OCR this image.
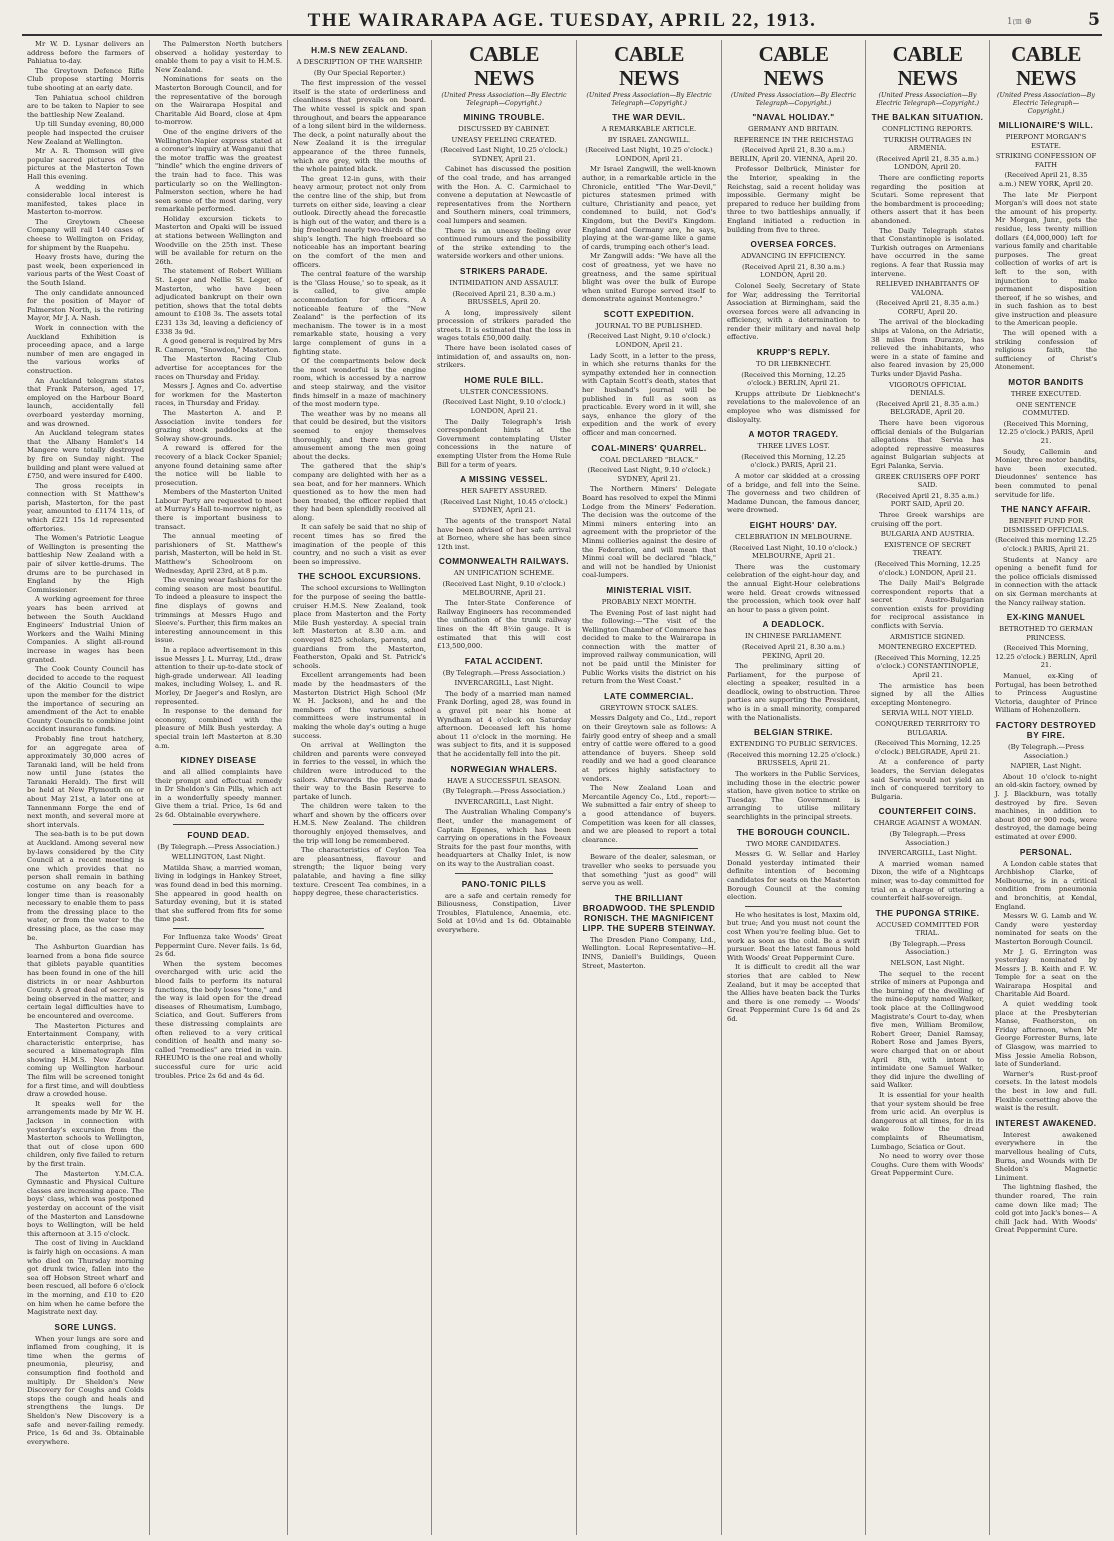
THE WAIRARAPA AGE. TUESDAY, APRIL 22, 1913.	1㎝ ⊕	5

Mr W. D. Lysnar delivers an address before the farmers of Pahiatua to-day.

The Greytown Defence Rifle Club propose starting Morris tube shooting at an early date.

Ten Pahiatua school children are to be taken to Napier to see the battleship New Zealand.

Up till Sunday evening, 80,000 people had inspected the cruiser New Zealand at Wellington.

Mr A. R. Thomson will give popular sacred pictures of the pictures at the Masterton Town Hall this evening.

A wedding in which considerable local interest is manifested, takes place in Masterton to-morrow.

The Greytown Cheese Company will rail 140 cases of cheese to Wellington on Friday, for shipment by the Ruapehu.

Heavy frosts have, during the past week, been experienced in various parts of the West Coast of the South Island.

The only candidate announced for the position of Mayor of Palmerston North, is the retiring Mayor, Mr J. A. Nash.

Work in connection with the Auckland Exhibition is proceeding apace, and a large number of men are engaged in the various works of construction.

An Auckland telegram states that Frank Paterson, aged 17, employed on the Harbour Board launch, accidentally fell overboard yesterday morning, and was drowned.

An Auckland telegram states that the Albany Hamlet's 14 Mangere were totally destroyed by fire on Sunday night. The building and plant were valued at £750, and were insured for £400.

The gross receipts in connection with St Matthew's parish, Masterton, for the past year, amounted to £1174 11s, of which £221 15s 1d represented offertories.

The Women's Patriotic League of Wellington is presenting the battleship New Zealand with a pair of silver kettle-drums. The drums are to be purchased in England by the High Commissioner.

A working agreement for three years has been arrived at between the South Auckland Engineers' Industrial Union of Workers and the Waihi Mining Companies. A slight all-round increase in wages has been granted.

The Cook County Council has decided to accede to the request of the Akitio Council to wipe upon the member for the district the importance of securing an amendment of the Act to enable County Councils to combine joint accident insurance funds.

Probably fine trout hatchery, for an aggregate area of approximately 30,000 acres of Taranaki land, will be held from now until June (states the Taranaki Herald). The first will be held at New Plymouth on or about May 21st, a later one at Tannenmann Forge the end of next month, and several more at short intervals.

The sea-bath is to be put down at Auckland. Among several new by-laws considered by the City Council at a recent meeting is one which provides that no person shall remain in bathing costume on any beach for a longer time than is reasonably necessary to enable them to pass from the dressing place to the water, or from the water to the dressing place, as the case may be.

The Ashburton Guardian has learned from a bona fide source that giblets payable quantities has been found in one of the hill districts in or near Ashburton County. A great deal of secrecy is being observed in the matter, and certain legal difficulties have to be encountered and overcome.

The Masterton Pictures and Entertainment Company, with characteristic enterprise, has secured a kinematograph film showing H.M.S. New Zealand coming up Wellington harbour. The film will be screened tonight for a first time, and will doubtless draw a crowded house.

It speaks well for the arrangements made by Mr W. H. Jackson in connection with yesterday's excursion from the Masterton schools to Wellington, that out of close upon 600 children, only five failed to return by the first train.

The Masterton Y.M.C.A. Gymnastic and Physical Culture classes are increasing apace. The boys' class, which was postponed yesterday on account of the visit of the Masterton and Lansdowne boys to Wellington, will be held this afternoon at 3.15 o'clock.

The cost of living in Auckland is fairly high on occasions. A man who died on Thursday morning got drunk twice, fallen into the sea off Hobson Street wharf and been rescued, all before 6 o'clock in the morning, and £10 to £20 on him when he came before the Magistrate next day.

SORE LUNGS.

When your lungs are sore and inflamed from coughing, it is time when the germs of pneumonia, pleurisy, and consumption find foothold and multiply. Dr Sheldon's New Discovery for Coughs and Colds stops the cough and heals and strengthens the lungs. Dr Sheldon's New Discovery is a safe and never-failing remedy. Price, 1s 6d and 3s. Obtainable everywhere.

The Palmerston North butchers observed a holiday yesterday to enable them to pay a visit to H.M.S. New Zealand.

Nominations for seats on the Masterton Borough Council, and for the representative of the borough on the Wairarapa Hospital and Charitable Aid Board, close at 4pm to-morrow.

One of the engine drivers of the Wellington-Napier express stated at a coroner's inquiry at Wanganui that the motor traffic was the greatest "hindle" which the engine drivers of the train had to face. This was particularly so on the Wellington-Palmerston section, where he had seen some of the most daring, very remarkable performed.

Holiday excursion tickets to Masterton and Opaki will be issued at stations between Wellington and Woodville on the 25th inst. These will be available for return on the 26th.

The statement of Robert William St. Leger and Nellie St. Leger, of Masterton, who have been adjudicated bankrupt on their own petition, shows that the total debts amount to £108 3s. The assets total £231 13s 3d, leaving a deficiency of £338 3s 9d.

A good general is required by Mrs R. Cameron, "Snowdon," Masterton.

The Masterton Racing Club advertise for acceptances for the races on Thursday and Friday.

Messrs J. Agnes and Co. advertise for workmen for the Masterton races, in Thursday and Friday.

The Masterton A. and P. Association invite tenders for grazing stock paddocks at the Solway show-grounds.

A reward is offered for the recovery of a black Cocker Spaniel; anyone found detaining same after the notice will be liable to prosecution.

Members of the Masterton United Labour Party are requested to meet at Murray's Hall to-morrow night, as there is important business to transact.

The annual meeting of parishioners of St. Matthew's parish, Masterton, will be held in St. Matthew's Schoolroom on Wednesday, April 23rd, at 8 p.m.

The evening wear fashions for the coming season are most beautiful. To indeed a pleasure to inspect the fine displays of gowns and trimmings at Messrs Hugo and Sleeve's. Further, this firm makes an interesting announcement in this issue.

In a replace advertisement in this issue Messrs J. L. Murray, Ltd., draw attention to their up-to-date stock of high-grade underwear. All leading makes, including Wolsey, L. and R. Morley, Dr Jaeger's and Roslyn, are represented.

In response to the demand for economy, combined with the pleasure of Milk Bush yesterday. A special train left Masterton at 8.30 a.m.

KIDNEY DISEASE

and all allied complaints have their prompt and effectual remedy in Dr Sheldon's Gin Pills, which act in a wonderfully speedy manner. Give them a trial. Price, 1s 6d and 2s 6d. Obtainable everywhere.

FOUND DEAD.
(By Telegraph.—Press Association.)
WELLINGTON, Last Night.

Matilda Shaw, a married woman, living in lodgings in Hankey Street, was found dead in bed this morning. She appeared in good health on Saturday evening, but it is stated that she suffered from fits for some time past.

For Influenza take Woods' Great Peppermint Cure. Never fails. 1s 6d, 2s 6d.

When the system becomes overcharged with uric acid the blood fails to perform its natural functions, the body loses "tone," and the way is laid open for the dread diseases of Rheumatism, Lumbago, Sciatica, and Gout. Sufferers from these distressing complaints are often relieved to a very critical condition of health and many so-called "remedies" are tried in vain. RHEUMO is the one real and wholly successful cure for uric acid troubles. Price 2s 6d and 4s 6d.

H.M.S NEW ZEALAND.
A DESCRIPTION OF THE WARSHIP.
(By Our Special Reporter.)

The first impression of the vessel itself is the state of orderliness and cleanliness that prevails on board. The white vessel is spick and span throughout, and bears the appearance of a long silent bird in the wilderness. The deck, a point naturally about the New Zealand it is the irregular appearance of the three funnels, which are grey, with the mouths of the whole painted black.

The great 12-in guns, with their heavy armour, protect not only from the centre line of the ship, but from turrets on either side, leaving a clear outlook. Directly ahead the forecastle is high out of the water, and there is a big freeboard nearly two-thirds of the ship's length. The high freeboard so noticeable has an important bearing on the comfort of the men and officers.

The central feature of the warship is the 'Glass House,' so to speak, as it is called, to give ample accommodation for officers. A noticeable feature of the "New Zealand" is the perfection of its mechanism. The tower is in a most remarkable state, housing a very large complement of guns in a fighting state.

Of the compartments below deck the most wonderful is the engine room, which is accessed by a narrow and steep stairway, and the visitor finds himself in a maze of machinery of the most modern type.

The weather was by no means all that could be desired, but the visitors seemed to enjoy themselves thoroughly, and there was great amusement among the men going about the decks.

The gathered that the ship's company are delighted with her as a sea boat, and for her manners. Which questioned as to how the men had been treated, the officer replied that they had been splendidly received all along.

It can safely be said that no ship of recent times has so fired the imagination of the people of this country, and no such a visit as ever been so impressive.

THE SCHOOL EXCURSIONS.

The school excursions to Wellington for the purpose of seeing the battle-cruiser H.M.S. New Zealand, took place from Masterton and the Forty Mile Bush yesterday. A special train left Masterton at 8.30 a.m. and conveyed 825 scholars, parents, and guardians from the Masterton, Featherston, Opaki and St. Patrick's schools.

Excellent arrangements had been made by the headmasters of the Masterton District High School (Mr W. H. Jackson), and he and the members of the various school committees were instrumental in making the whole day's outing a huge success.

On arrival at Wellington the children and parents were conveyed in ferries to the vessel, in which the children were introduced to the sailors. Afterwards the party made their way to the Basin Reserve to partake of lunch.

The children were taken to the wharf and shown by the officers over H.M.S. New Zealand. The children thoroughly enjoyed themselves, and the trip will long be remembered.

The characteristics of Ceylon Tea are pleasantness, flavour and strength; the liquor being very palatable, and having a fine silky texture. Crescent Tea combines, in a happy degree, these characteristics.

CABLE NEWS
(United Press Association—By Electric Telegraph—Copyright.)
MINING TROUBLE.
DISCUSSED BY CABINET.
UNEASY FEELING CREATED.
(Received Last Night, 10.25 o'clock.) SYDNEY, April 21.

Cabinet has discussed the position of the coal trade, and has arranged with the Hon. A. C. Carmichael to convene a deputation at Newcastle of representatives from the Northern and Southern miners, coal trimmers, coal lumpers and seamen.

There is an uneasy feeling over continued rumours and the possibility of the strike extending to the waterside workers and other unions.

STRIKERS PARADE.
INTIMIDATION AND ASSAULT.
(Received April 21, 8.30 a.m.) BRUSSELS, April 20.

A long, impressively silent procession of strikers paraded the streets. It is estimated that the loss in wages totals £50,000 daily.

There have been isolated cases of intimidation of, and assaults on, non-strikers.

HOME RULE BILL.
ULSTER CONCESSIONS.
(Received Last Night, 9.10 o'clock.) LONDON, April 21.

The Daily Telegraph's Irish correspondent hints at the Government contemplating Ulster concessions in the nature of exempting Ulster from the Home Rule Bill for a term of years.

A MISSING VESSEL.
HER SAFETY ASSURED.
(Received Last Night, 10.45 o'clock.) SYDNEY, April 21.

The agents of the transport Natal have been advised of her safe arrival at Borneo, where she has been since 12th inst.

COMMONWEALTH RAILWAYS.
AN UNIFICATION SCHEME.
(Received Last Night, 9.10 o'clock.) MELBOURNE, April 21.

The Inter-State Conference of Railway Engineers has recommended the unification of the trunk railway lines on the 4ft 8½in gauge. It is estimated that this will cost £13,500,000.

FATAL ACCIDENT.
(By Telegraph.—Press Association.)
INVERCARGILL, Last Night.

The body of a married man named Frank Dorling, aged 28, was found in a gravel pit near his home at Wyndham at 4 o'clock on Saturday afternoon. Deceased left his home about 11 o'clock in the morning. He was subject to fits, and it is supposed that he accidentally fell into the pit.

NORWEGIAN WHALERS.
HAVE A SUCCESSFUL SEASON.
(By Telegraph.—Press Association.)
INVERCARGILL, Last Night.

The Australian Whaling Company's fleet, under the management of Captain Egenes, which has been carrying on operations in the Foveaux Straits for the past four months, with headquarters at Chalky Inlet, is now on its way to the Australian coast.

PANO-TONIC PILLS

are a safe and certain remedy for Biliousness, Constipation, Liver Troubles, Flatulence, Anaemia, etc. Sold at 10½d and 1s 6d. Obtainable everywhere.

CABLE NEWS
(United Press Association—By Electric Telegraph—Copyright.)
THE WAR DEVIL.
A REMARKABLE ARTICLE.
BY ISRAEL ZANGWILL.
(Received Last Night, 10.25 o'clock.) LONDON, April 21.

Mr Israel Zangwill, the well-known author, in a remarkable article in the Chronicle, entitled "The War-Devil," pictures statesmen primed with culture, Christianity and peace, yet condemned to build, not God's Kingdom, but the Devil's Kingdom. England and Germany are, he says, playing at the war-game like a game of cards, trumping each other's lead.

Mr Zangwill adds: "We have all the cost of greatness, yet we have no greatness, and the same spiritual blight was over the bulk of Europe when united Europe served itself to demonstrate against Montenegro."

SCOTT EXPEDITION.
JOURNAL TO BE PUBLISHED.
(Received Last Night, 9.10 o'clock.) LONDON, April 21.

Lady Scott, in a letter to the press, in which she returns thanks for the sympathy extended her in connection with Captain Scott's death, states that her husband's journal will be published in full as soon as practicable. Every word in it will, she says, enhance the glory of the expedition and the work of every officer and man concerned.

COAL-MINERS' QUARREL.
COAL DECLARED "BLACK."
(Received Last Night, 9.10 o'clock.) SYDNEY, April 21.

The Northern Miners' Delegate Board has resolved to expel the Minmi Lodge from the Miners' Federation. The decision was the outcome of the Minmi miners entering into an agreement with the proprietor of the Minmi collieries against the desire of the Federation, and will mean that Minmi coal will be declared "black," and will not be handled by Unionist coal-lumpers.

MINISTERIAL VISIT.
PROBABLY NEXT MONTH.

The Evening Post of last night had the following:—"The visit of the Wellington Chamber of Commerce has decided to make to the Wairarapa in connection with the matter of improved railway communication, will not be paid until the Minister for Public Works visits the district on his return from the West Coast."

LATE COMMERCIAL.
GREYTOWN STOCK SALES.

Messrs Dalgety and Co., Ltd., report on their Greytown sale as follows: A fairly good entry of sheep and a small entry of cattle were offered to a good attendance of buyers. Sheep sold readily and we had a good clearance at prices highly satisfactory to vendors.

The New Zealand Loan and Mercantile Agency Co., Ltd., report:—We submitted a fair entry of sheep to a good attendance of buyers. Competition was keen for all classes, and we are pleased to report a total clearance.

Beware of the dealer, salesman, or traveller who seeks to persuade you that something "just as good" will serve you as well.

THE BRILLIANT BROADWOOD. THE SPLENDID RONISCH. THE MAGNIFICENT LIPP. THE SUPERB STEINWAY.

The Dresden Piano Company, Ltd., Wellington. Local Representative—H. INNS, Daniell's Buildings, Queen Street, Masterton.

CABLE NEWS
(United Press Association—By Electric Telegraph—Copyright.)
"NAVAL HOLIDAY."
GERMANY AND BRITAIN.
REFERENCE IN THE REICHSTAG
(Received April 21, 8.30 a.m.) BERLIN, April 20. VIENNA, April 20.

Professor Delbrück, Minister for the Interior, speaking in the Reichstag, said a recent holiday was impossible. Germany might be prepared to reduce her building from three to two battleships annually, if England initiated a reduction in building from five to three.

OVERSEA FORCES.
ADVANCING IN EFFICIENCY.
(Received April 21, 8.30 a.m.) LONDON, April 20.

Colonel Seely, Secretary of State for War, addressing the Territorial Association at Birmingham, said the oversea forces were all advancing in efficiency, with a determination to render their military and naval help effective.

KRUPP'S REPLY.
TO DR LIEBKNECHT.
(Received this Morning, 12.25 o'clock.) BERLIN, April 21.

Krupps attribute Dr Liebknecht's revelations to the malevolence of an employee who was dismissed for disloyalty.

A MOTOR TRAGEDY.
THREE LIVES LOST.
(Received this Morning, 12.25 o'clock.) PARIS, April 21.

A motor car skidded at a crossing of a bridge, and fell into the Seine. The governess and two children of Madame Duncan, the famous dancer, were drowned.

EIGHT HOURS' DAY.
CELEBRATION IN MELBOURNE.
(Received Last Night, 10.10 o'clock.) MELBOURNE, April 21.

There was the customary celebration of the eight-hour day, and the annual Eight-Hour celebrations were held. Great crowds witnessed the procession, which took over half an hour to pass a given point.

A DEADLOCK.
IN CHINESE PARLIAMENT.
(Received April 21, 8.30 a.m.) PEKING, April 20.

The preliminary sitting of Parliament, for the purpose of electing a speaker, resulted in a deadlock, owing to obstruction. Three parties are supporting the President, who is in a small minority, compared with the Nationalists.

BELGIAN STRIKE.
EXTENDING TO PUBLIC SERVICES.
(Received this morning 12.25 o'clock.) BRUSSELS, April 21.

The workers in the Public Services, including those in the electric power station, have given notice to strike on Tuesday. The Government is arranging to utilise military searchlights in the principal streets.

THE BOROUGH COUNCIL.
TWO MORE CANDIDATES.

Messrs G. W. Sellar and Harley Donald yesterday intimated their definite intention of becoming candidates for seats on the Masterton Borough Council at the coming election.

He who hesitates is lost, Maxim old, but true; And you must not count the cost When you're feeling blue. Get to work as soon as the cold. Be a swift pursuer. Beat the latest famous hold With Woods' Great Peppermint Cure.

It is difficult to credit all the war stories that are cabled to New Zealand, but it may be accepted that the Allies have beaten back the Turks and there is one remedy — Woods' Great Peppermint Cure 1s 6d and 2s 6d.

CABLE NEWS
(United Press Association—By Electric Telegraph—Copyright.)
THE BALKAN SITUATION.
CONFLICTING REPORTS.
TURKISH OUTRAGES IN ARMENIA.
(Received April 21, 8.35 a.m.) LONDON, April 20.

There are conflicting reports regarding the position at Scutari. Some represent that the bombardment is proceeding; others assert that it has been abandoned.

The Daily Telegraph states that Constantinople is isolated. Turkish outrages on Armenians have occurred in the same regions. A fear that Russia may intervene.

RELIEVED INHABITANTS OF VALONA.
(Received April 21, 8.35 a.m.) CORFU, April 20.

The arrival of the blockading ships at Valona, on the Adriatic, 38 miles from Durazzo, has relieved the inhabitants, who were in a state of famine and also feared invasion by 25,000 Turks under Djavid Pasha.

VIGOROUS OFFICIAL DENIALS.
(Received April 21, 8.35 a.m.) BELGRADE, April 20.

There have been vigorous official denials of the Bulgarian allegations that Servia has adopted repressive measures against Bulgarian subjects at Egri Palanka, Servia.

GREEK CRUISERS OFF PORT SAID.
(Received April 21, 8.35 a.m.) PORT SAID, April 20.

Three Greek warships are cruising off the port.

BULGARIA AND AUSTRIA.
EXISTENCE OF SECRET TREATY.
(Received This Morning, 12.25 o'clock.) LONDON, April 21.

The Daily Mail's Belgrade correspondent reports that a secret Austro-Bulgarian convention exists for providing for reciprocal assistance in conflicts with Servia.

ARMISTICE SIGNED.
MONTENEGRO EXCEPTED.
(Received This Morning, 12.25 o'clock.) CONSTANTINOPLE, April 21.

The armistice has been signed by all the Allies excepting Montenegro.

SERVIA WILL NOT YIELD.
CONQUERED TERRITORY TO BULGARIA.
(Received This Morning, 12.25 o'clock.) BELGRADE, April 21.

At a conference of party leaders, the Servian delegates said Servia would not yield an inch of conquered territory to Bulgaria.

COUNTERFEIT COINS.
CHARGE AGAINST A WOMAN.
(By Telegraph.—Press Association.)
INVERCARGILL, Last Night.

A married woman named Dixon, the wife of a Nightcaps miner, was to-day committed for trial on a charge of uttering a counterfeit half-sovereign.

THE PUPONGA STRIKE.
ACCUSED COMMITTED FOR TRIAL.
(By Telegraph.—Press Association.)
NELSON, Last Night.

The sequel to the recent strike of miners at Puponga and the burning of the dwelling of the mine-deputy named Walker, took place at the Collingwood Magistrate's Court to-day, when five men, William Bromilow, Robert Greer, Daniel Ramsay, Robert Rose and James Byers, were charged that on or about April 8th, with intent to intimidate one Samuel Walker, they did injure the dwelling of said Walker.

It is essential for your health that your system should be free from uric acid. An overplus is dangerous at all times, for in its wake follow the dread complaints of Rheumatism, Lumbago, Sciatica or Gout.

No need to worry over those Coughs. Cure them with Woods' Great Peppermint Cure.

CABLE NEWS
(United Press Association—By Electric Telegraph—Copyright.)
MILLIONAIRE'S WILL.
PIERPONT MORGAN'S ESTATE.
STRIKING CONFESSION OF FAITH
(Received April 21, 8.35 a.m.) NEW YORK, April 20.

The late Mr Pierpont Morgan's will does not state the amount of his property. Mr Morgan, Junr., gets the residue, less twenty million dollars (£4,000,000) left for various family and charitable purposes. The great collection of works of art is left to the son, with injunction to make permanent disposition thereof, if he so wishes, and in such fashion as to best give instruction and pleasure to the American people.

The will opened with a striking confession of religious faith, the sufficiency of Christ's Atonement.

MOTOR BANDITS
THREE EXECUTED.
ONE SENTENCE COMMUTED.
(Received This Morning, 12.25 o'clock.) PARIS, April 21.

Soudy, Callemin and Monier, three motor bandits, have been executed. Dieudonnes' sentence has been commuted to penal servitude for life.

THE NANCY AFFAIR.
BENEFIT FUND FOR DISMISSED OFFICIALS.
(Received this morning 12.25 o'clock.) PARIS, April 21.

Students at Nancy are opening a benefit fund for the police officials dismissed in connection with the attack on six German merchants at the Nancy railway station.

EX-KING MANUEL
BETROTHED TO GERMAN PRINCESS.
(Received This Morning, 12.25 o'clock.) BERLIN, April 21.

Manuel, ex-King of Portugal, has been betrothed to Princess Augustine Victoria, daughter of Prince William of Hohenzollern.

FACTORY DESTROYED BY FIRE.
(By Telegraph.—Press Association.)
NAPIER, Last Night.

About 10 o'clock to-night an old-skin factory, owned by J. J. Blackburn, was totally destroyed by fire. Seven machines, in addition to about 800 or 900 rods, were destroyed, the damage being estimated at over £900.

PERSONAL.

A London cable states that Archbishop Clarke, of Melbourne, is in a critical condition from pneumonia and bronchitis, at Kendal, England.

Messrs W. G. Lamb and W. Candy were yesterday nominated for seats on the Masterton Borough Council.

Mr J. G. Errington was yesterday nominated by Messrs J. B. Keith and F. W. Temple for a seat on the Wairarapa Hospital and Charitable Aid Board.

A quiet wedding took place at the Presbyterian Manse, Featherston, on Friday afternoon, when Mr George Forrester Burns, late of Glasgow, was married to Miss Jessie Amelia Robson, late of Sunderland.

Warner's Rust-proof corsets. In the latest models the best in low and full. Flexible corsetting above the waist is the result.

INTEREST AWAKENED.

Interest awakened everywhere in the marvellous healing of Cuts, Burns, and Wounds with Dr Sheldon's Magnetic Liniment.

The lightning flashed, the thunder roared, The rain came down like mad; The cold got into Jack's bones— A chill Jack had. With Woods' Great Peppermint Cure.
